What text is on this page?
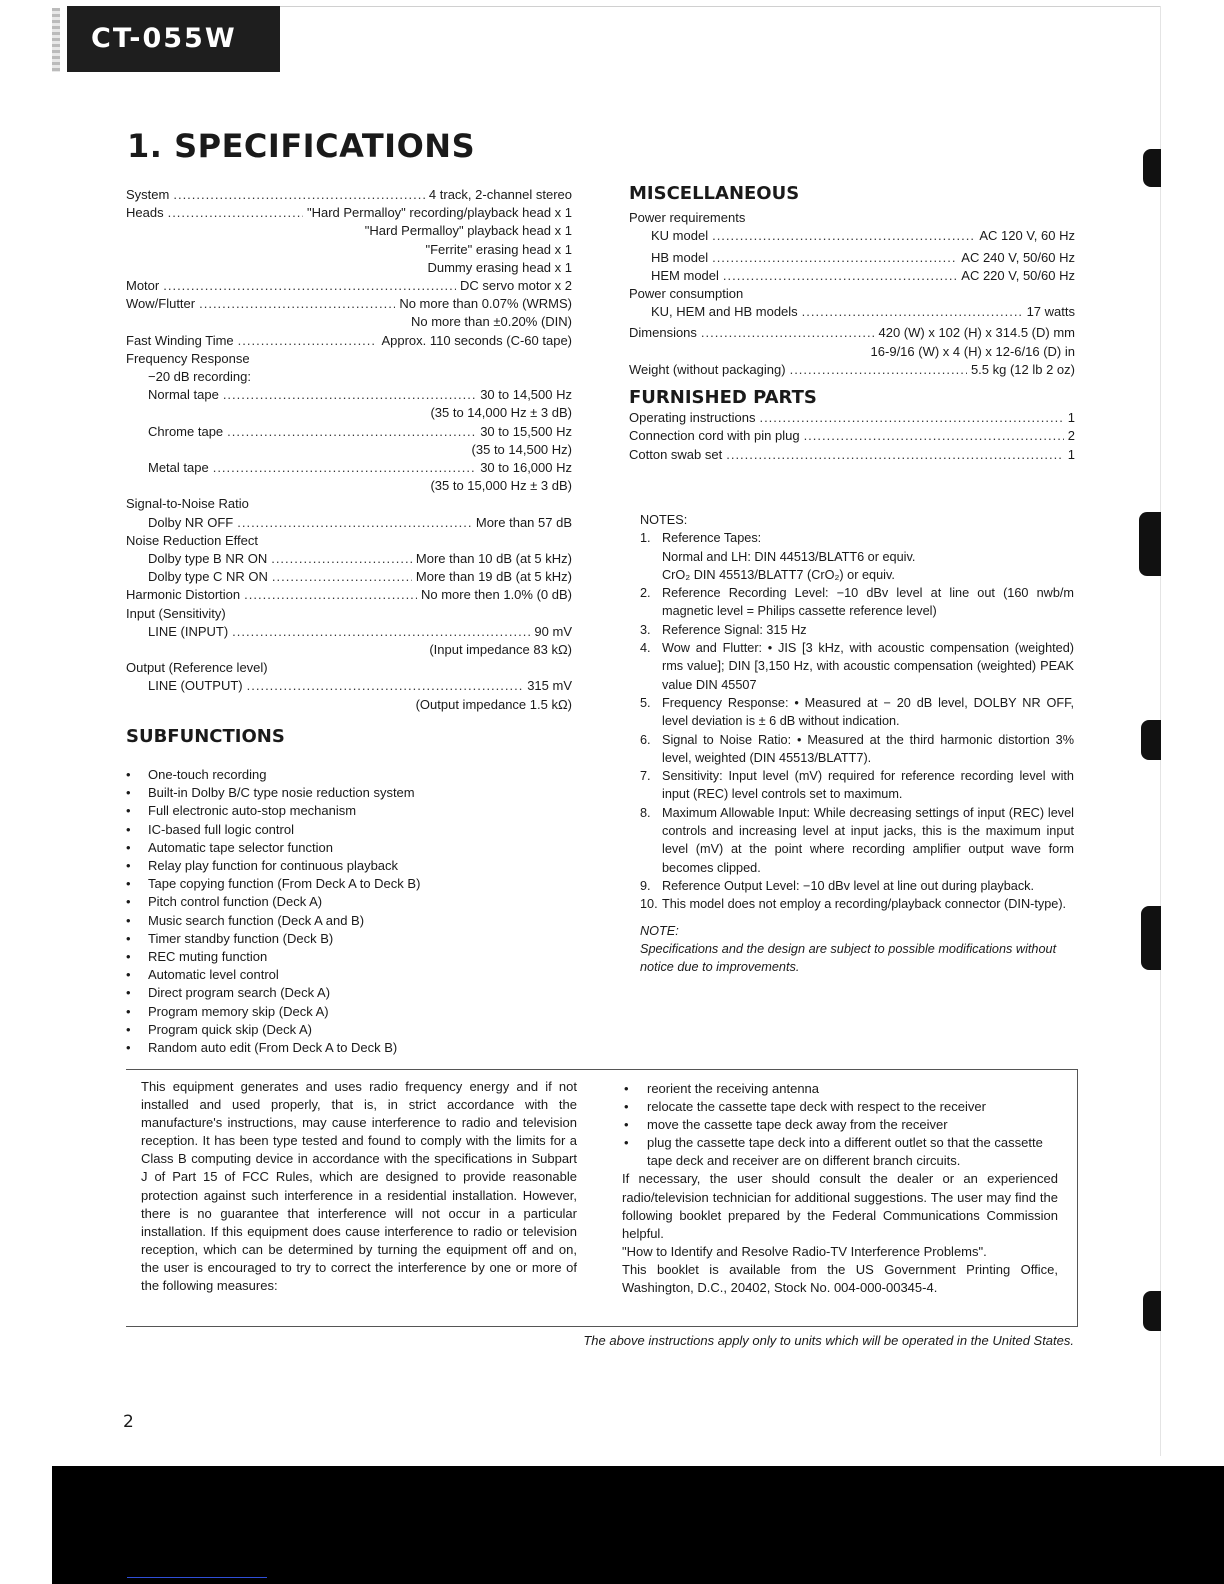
CT-055W
1. SPECIFICATIONS
System .....	4 track, 2-channel stereo
Heads .....	"Hard Permalloy" recording/playback head x 1
"Hard Permalloy" playback head x 1
"Ferrite" erasing head x 1
Dummy erasing head x 1
Motor .....	DC servo motor x 2
Wow/Flutter .....	No more than 0.07% (WRMS)
No more than ±0.20% (DIN)
Fast Winding Time .....	Approx. 110 seconds (C-60 tape)
Frequency Response
−20 dB recording:
Normal tape .....	30 to 14,500 Hz
(35 to 14,000 Hz ± 3 dB)
Chrome tape .....	30 to 15,500 Hz
(35 to 14,500 Hz)
Metal tape .....	30 to 16,000 Hz
(35 to 15,000 Hz ± 3 dB)
Signal-to-Noise Ratio
Dolby NR OFF .....	More than 57 dB
Noise Reduction Effect
Dolby type B NR ON .....	More than 10 dB (at 5 kHz)
Dolby type C NR ON .....	More than 19 dB (at 5 kHz)
Harmonic Distortion .....	No more then 1.0% (0 dB)
Input (Sensitivity)
LINE (INPUT) .....	90 mV
(Input impedance 83 kΩ)
Output (Reference level)
LINE (OUTPUT) .....	315 mV
(Output impedance 1.5 kΩ)
SUBFUNCTIONS
• One-touch recording
• Built-in Dolby B/C type nosie reduction system
• Full electronic auto-stop mechanism
• IC-based full logic control
• Automatic tape selector function
• Relay play function for continuous playback
• Tape copying function (From Deck A to Deck B)
• Pitch control function (Deck A)
• Music search function (Deck A and B)
• Timer standby function (Deck B)
• REC muting function
• Automatic level control
• Direct program search (Deck A)
• Program memory skip (Deck A)
• Program quick skip (Deck A)
• Random auto edit (From Deck A to Deck B)
MISCELLANEOUS
Power requirements
KU model .....	AC 120 V, 60 Hz
HB model .....	AC 240 V, 50/60 Hz
HEM model .....	AC 220 V, 50/60 Hz
Power consumption
KU, HEM and HB models .....	17 watts
Dimensions .....	420 (W) x 102 (H) x 314.5 (D) mm
16-9/16 (W) x 4 (H) x 12-6/16 (D) in
Weight (without packaging) .....	5.5 kg (12 lb 2 oz)
FURNISHED PARTS
Operating instructions .....	1
Connection cord with pin plug .....	2
Cotton swab set .....	1
NOTES:
1. Reference Tapes:
Normal and LH: DIN 44513/BLATT6 or equiv.
CrO₂ DIN 45513/BLATT7 (CrO₂) or equiv.
2. Reference Recording Level: −10 dBv level at line out (160 nwb/m magnetic level = Philips cassette reference level)
3. Reference Signal: 315 Hz
4. Wow and Flutter: • JIS [3 kHz, with acoustic compensation (weighted) rms value]; DIN [3,150 Hz, with acoustic compensation (weighted) PEAK value DIN 45507
5. Frequency Response: • Measured at − 20 dB level, DOLBY NR OFF, level deviation is ± 6 dB without indication.
6. Signal to Noise Ratio: • Measured at the third harmonic distortion 3% level, weighted (DIN 45513/BLATT7).
7. Sensitivity: Input level (mV) required for reference recording level with input (REC) level controls set to maximum.
8. Maximum Allowable Input: While decreasing settings of input (REC) level controls and increasing level at input jacks, this is the maximum input level (mV) at the point where recording amplifier output wave form becomes clipped.
9. Reference Output Level: −10 dBv level at line out during playback.
10. This model does not employ a recording/playback connector (DIN-type).
NOTE:
Specifications and the design are subject to possible modifications without notice due to improvements.

This equipment generates and uses radio frequency energy and if not installed and used properly, that is, in strict accordance with the manufacture's instructions, may cause interference to radio and television reception. It has been type tested and found to comply with the limits for a Class B computing device in accordance with the specifications in Subpart J of Part 15 of FCC Rules, which are designed to provide reasonable protection against such interference in a residential installation. However, there is no guarantee that interference will not occur in a particular installation. If this equipment does cause interference to radio or television reception, which can be determined by turning the equipment off and on, the user is encouraged to try to correct the interference by one or more of the following measures:

• reorient the receiving antenna
• relocate the cassette tape deck with respect to the receiver
• move the cassette tape deck away from the receiver
• plug the cassette tape deck into a different outlet so that the cassette tape deck and receiver are on different branch circuits.

If necessary, the user should consult the dealer or an experienced radio/television technician for additional suggestions. The user may find the following booklet prepared by the Federal Communications Commission helpful.

"How to Identify and Resolve Radio-TV Interference Problems".

This booklet is available from the US Government Printing Office, Washington, D.C., 20402, Stock No. 004-000-00345-4.

The above instructions apply only to units which will be operated in the United States.
2
